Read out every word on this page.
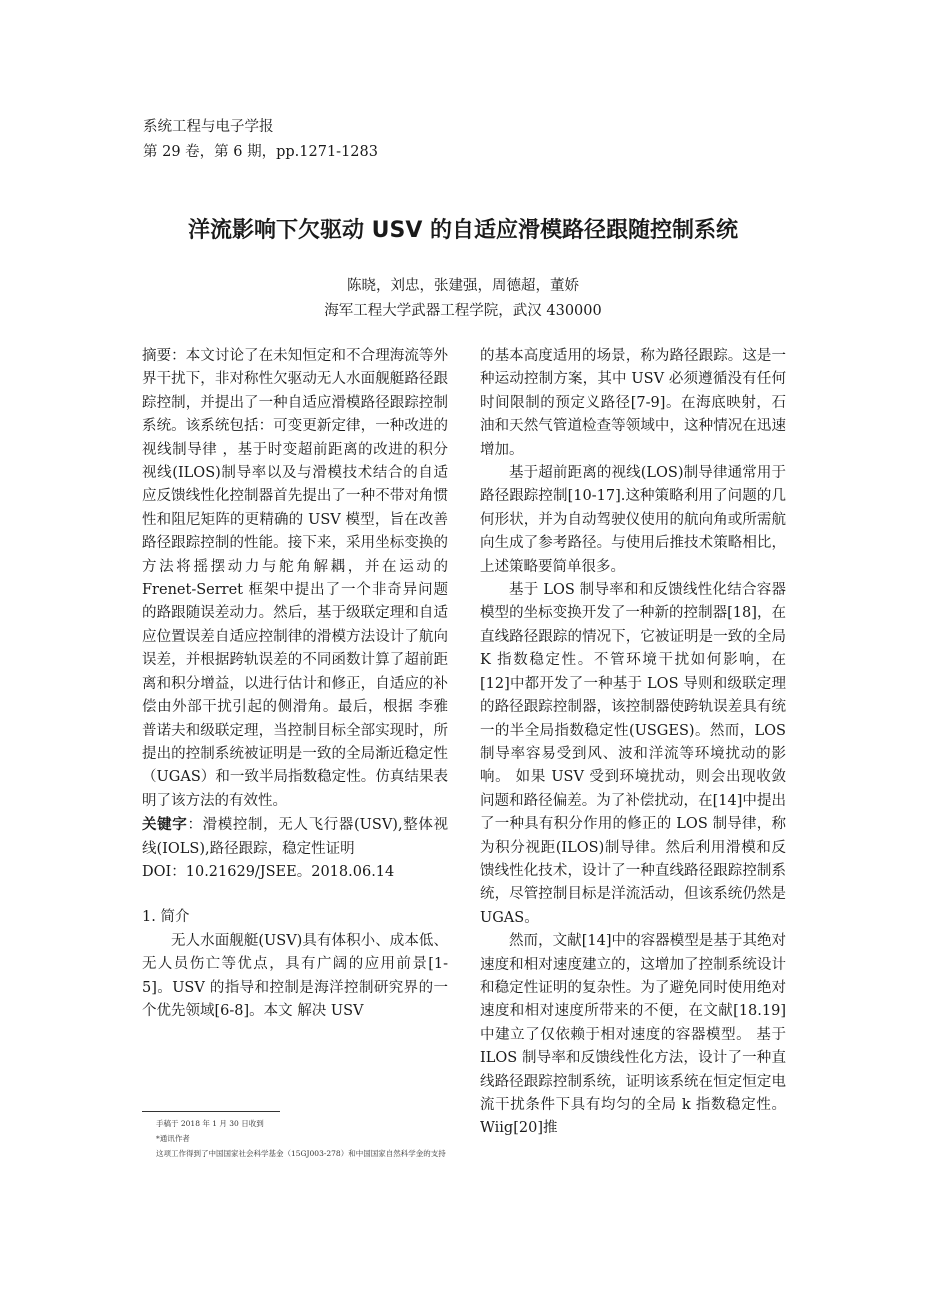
系统工程与电子学报
第 29 卷，第 6 期，pp.1271-1283
洋流影响下欠驱动 USV 的自适应滑模路径跟随控制系统
陈晓，刘忠，张建强，周德超，董娇
海军工程大学武器工程学院，武汉 430000

摘要：本文讨论了在未知恒定和不合理海流等外界干扰下，非对称性欠驱动无人水面舰艇路径跟踪控制，并提出了一种自适应滑模路径跟踪控制系统。该系统包括：可变更新定律，一种改进的视线制导律 ，基于时变超前距离的改进的积分视线(ILOS)制导率以及与滑模技术结合的自适应反馈线性化控制器首先提出了一种不带对角惯性和阻尼矩阵的更精确的 USV 模型，旨在改善路径跟踪控制的性能。接下来，采用坐标变换的方法将摇摆动力与舵角解耦，并在运动的 Frenet-Serret 框架中提出了一个非奇异问题的路跟随误差动力。然后，基于级联定理和自适应位置误差自适应控制律的滑模方法设计了航向误差，并根据跨轨误差的不同函数计算了超前距离和积分增益，以进行估计和修正，自适应的补偿由外部干扰引起的侧滑角。最后，根据 李雅普诺夫和级联定理，当控制目标全部实现时，所提出的控制系统被证明是一致的全局渐近稳定性（UGAS）和一致半局指数稳定性。仿真结果表明了该方法的有效性。

关键字：滑模控制，无人飞行器(USV),整体视线(IOLS),路径跟踪，稳定性证明

DOI：10.21629/JSEE。2018.06.14

1. 简介

无人水面舰艇(USV)具有体积小、成本低、无人员伤亡等优点，具有广阔的应用前景[1-5]。USV 的指导和控制是海洋控制研究界的一个优先领域[6-8]。本文 解决 USV

手稿于 2018 年 1 月 30 日收到

*通讯作者

这项工作得到了中国国家社会科学基金（15GJ003-278）和中国国家自然科学金的支持

的基本高度适用的场景，称为路径跟踪。这是一种运动控制方案，其中 USV 必须遵循没有任何时间限制的预定义路径[7-9]。在海底映射，石油和天然气管道检查等领域中，这种情况在迅速增加。

基于超前距离的视线(LOS)制导律通常用于路径跟踪控制[10-17].这种策略利用了问题的几何形状，并为自动驾驶仪使用的航向角或所需航向生成了参考路径。与使用后推技术策略相比，上述策略要简单很多。

基于 LOS 制导率和和反馈线性化结合容器模型的坐标变换开发了一种新的控制器[18]，在直线路径跟踪的情况下，它被证明是一致的全局 K 指数稳定性。不管环境干扰如何影响，在[12]中都开发了一种基于 LOS 导则和级联定理的路径跟踪控制器，该控制器使跨轨误差具有统一的半全局指数稳定性(USGES)。然而，LOS 制导率容易受到风、波和洋流等环境扰动的影响。 如果 USV 受到环境扰动，则会出现收敛问题和路径偏差。为了补偿扰动，在[14]中提出了一种具有积分作用的修正的 LOS 制导律，称为积分视距(ILOS)制导律。然后利用滑模和反馈线性化技术，设计了一种直线路径跟踪控制系统，尽管控制目标是洋流活动，但该系统仍然是 UGAS。

然而，文献[14]中的容器模型是基于其绝对速度和相对速度建立的，这增加了控制系统设计和稳定性证明的复杂性。为了避免同时使用绝对速度和相对速度所带来的不便，在文献[18.19]中建立了仅依赖于相对速度的容器模型。 基于 ILOS 制导率和反馈线性化方法，设计了一种直线路径跟踪控制系统，证明该系统在恒定恒定电流干扰条件下具有均匀的全局 k 指数稳定性。Wiig[20]推
